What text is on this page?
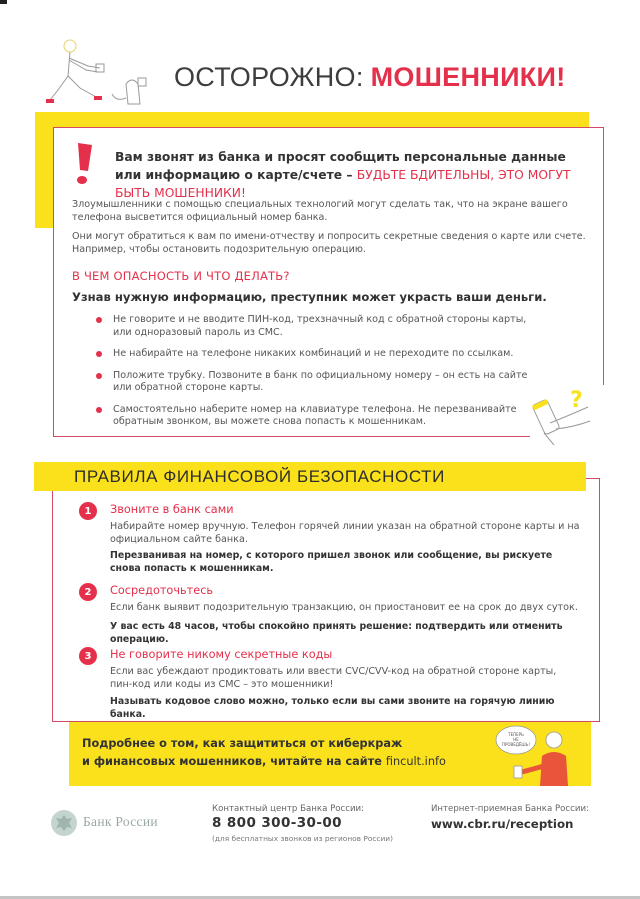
ОСТОРОЖНО: МОШЕННИКИ!
Вам звонят из банка и просят сообщить персональные данные или информацию о карте/счете – БУДЬТЕ БДИТЕЛЬНЫ, ЭТО МОГУТ БЫТЬ МОШЕННИКИ!
Злоумышленники с помощью специальных технологий могут сделать так, что на экране вашего телефона высветится официальный номер банка.
Они могут обратиться к вам по имени-отчеству и попросить секретные сведения о карте или счете. Например, чтобы остановить подозрительную операцию.
В ЧЕМ ОПАСНОСТЬ И ЧТО ДЕЛАТЬ?
Узнав нужную информацию, преступник может украсть ваши деньги.
Не говорите и не вводите ПИН-код, трехзначный код с обратной стороны карты, или одноразовый пароль из СМС.
Не набирайте на телефоне никаких комбинаций и не переходите по ссылкам.
Положите трубку. Позвоните в банк по официальному номеру – он есть на сайте или обратной стороне карты.
Самостоятельно наберите номер на клавиатуре телефона. Не перезванивайте обратным звонком, вы можете снова попасть к мошенникам.
?
ПРАВИЛА ФИНАНСОВОЙ БЕЗОПАСНОСТИ
1	Звоните в банк сами
Набирайте номер вручную. Телефон горячей линии указан на обратной стороне карты и на официальном сайте банка.
Перезванивая на номер, с которого пришел звонок или сообщение, вы рискуете снова попасть к мошенникам.
2	Сосредоточьтесь
Если банк выявит подозрительную транзакцию, он приостановит ее на срок до двух суток.
У вас есть 48 часов, чтобы спокойно принять решение: подтвердить или отменить операцию.
3	Не говорите никому секретные коды
Если вас убеждают продиктовать или ввести CVC/CVV-код на обратной стороне карты, пин-код или коды из СМС – это мошенники!
Называть кодовое слово можно, только если вы сами звоните на горячую линию банка.
Подробнее о том, как защититься от киберкраж
и финансовых мошенников, читайте на сайте fincult.info
ТЕПЕРЬ
НЕ
ПРОВЕДЁШЬ!
Банк России
Контактный центр Банка России:
8 800 300-30-00
(для бесплатных звонков из регионов России)
Интернет-приемная Банка России:
www.cbr.ru/reception
